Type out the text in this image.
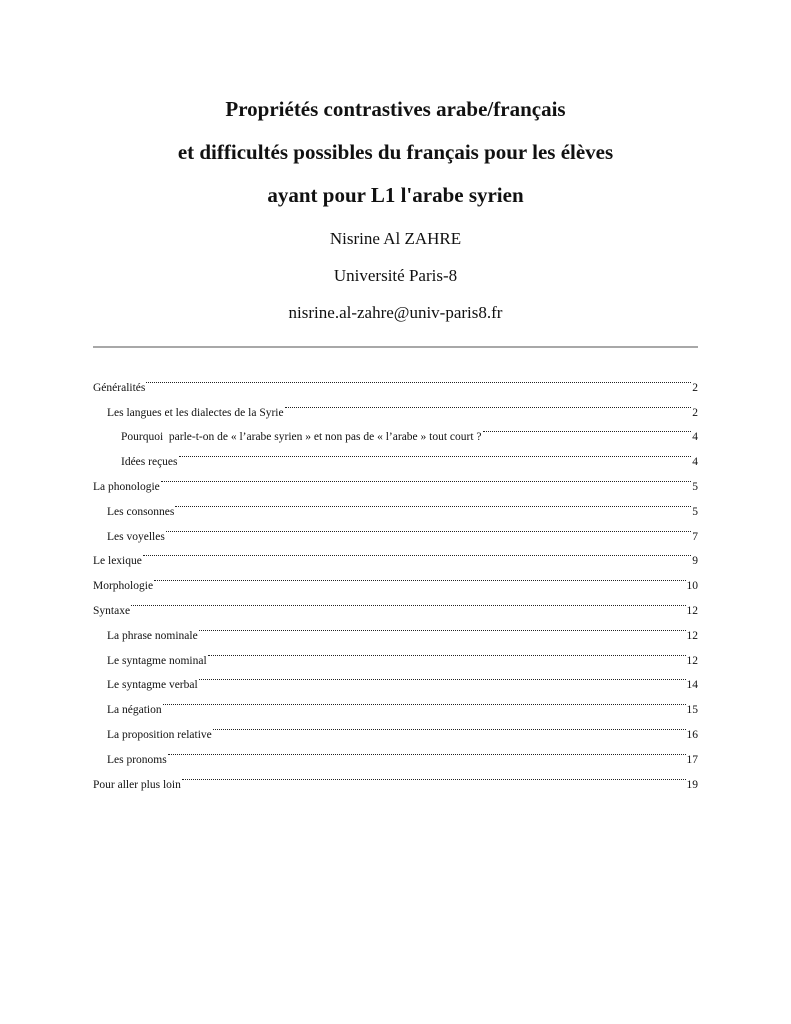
Propriétés contrastives arabe/français

et difficultés possibles du français pour les élèves

ayant pour L1 l'arabe syrien

Nisrine Al ZAHRE

Université Paris-8

nisrine.al-zahre@univ-paris8.fr

Généralités	2
Les langues et les dialectes de la Syrie	2
Pourquoi  parle-t-on de « l’arabe syrien » et non pas de « l’arabe » tout court ?	4
Idées reçues	4
La phonologie	5
Les consonnes	5
Les voyelles	7
Le lexique	9
Morphologie	10
Syntaxe	12
La phrase nominale	12
Le syntagme nominal	12
Le syntagme verbal	14
La négation	15
La proposition relative	16
Les pronoms	17
Pour aller plus loin	19
